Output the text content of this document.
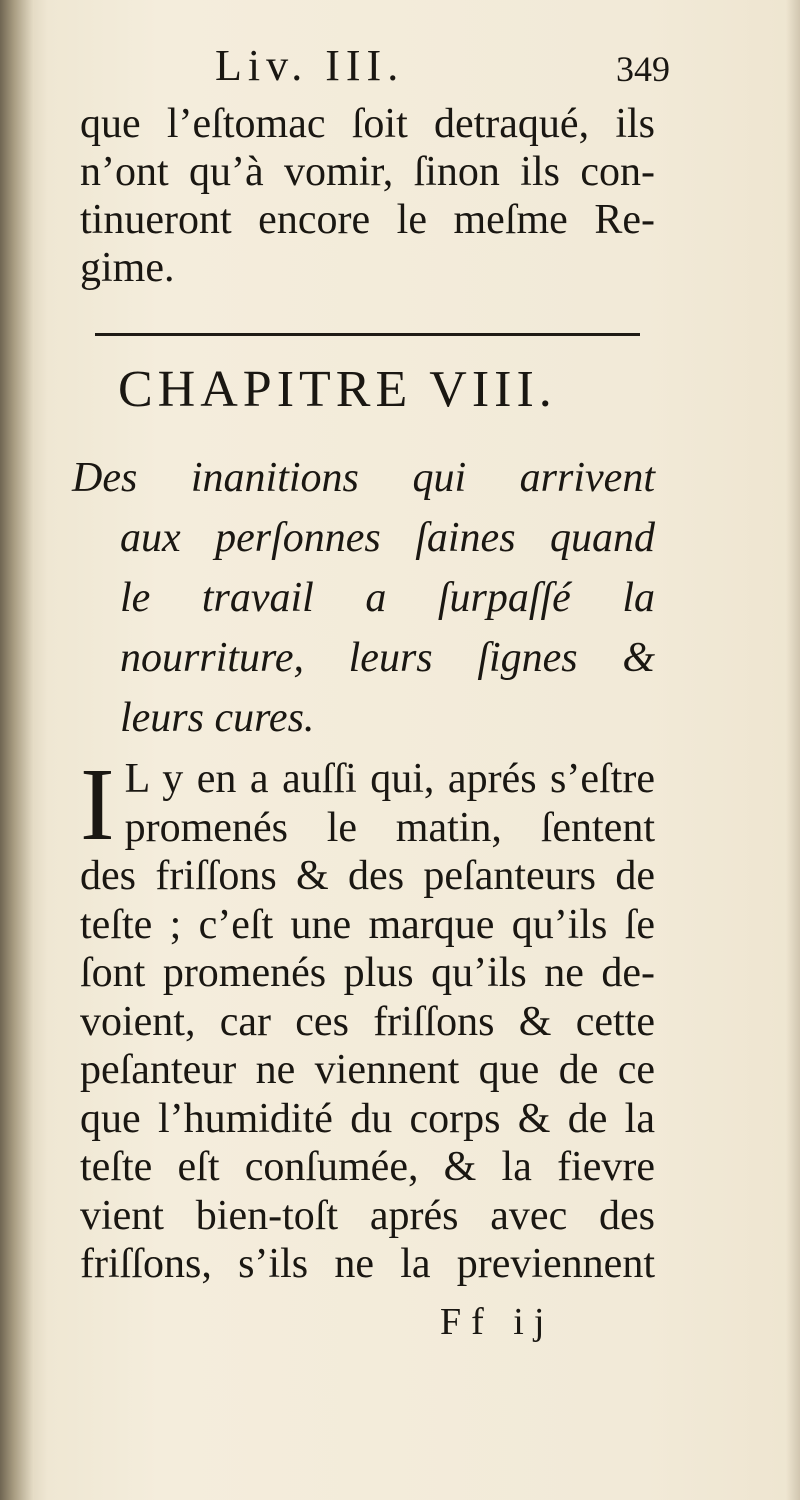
Liv. III.	349
que l’eſtomac ſoit detraqué, ils
n’ont qu’à vomir, ſinon ils con-
tinueront encore le meſme Re-
gime.
CHAPITRE VIII.
Des inanitions qui arrivent
aux perſonnes ſaines quand
le travail a ſurpaſſé la
nourriture, leurs ſignes &
leurs cures.
I L y en a auſſi qui, aprés s’eſtre
promenés le matin, ſentent
des friſſons & des peſanteurs de
teſte ; c’eſt une marque qu’ils ſe
ſont promenés plus qu’ils ne de-
voient, car ces friſſons & cette
peſanteur ne viennent que de ce
que l’humidité du corps & de la
teſte eſt conſumée, & la fievre
vient bien-toſt aprés avec des
friſſons, s’ils ne la previennent
Ff ij
